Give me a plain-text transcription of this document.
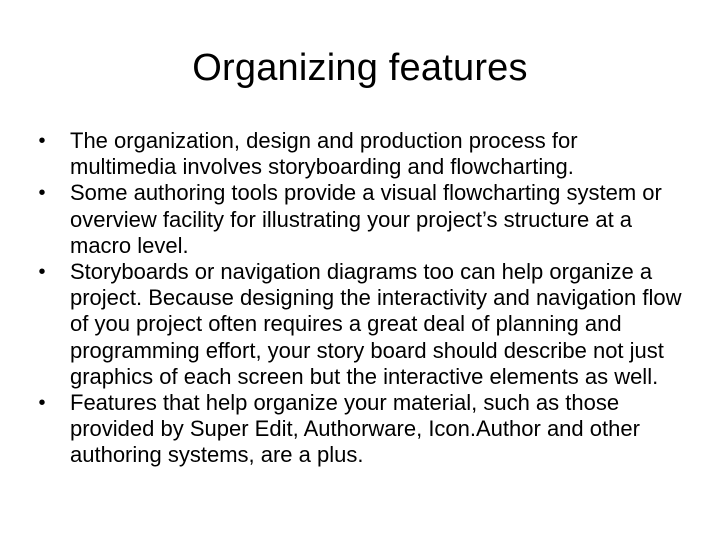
Organizing features
•	The organization, design and production process for multimedia involves storyboarding and flowcharting.
•	Some authoring tools provide a visual flowcharting system or overview facility for illustrating your project’s structure at a macro level.
•	Storyboards or navigation diagrams too can help organize a project. Because designing the interactivity and navigation flow of you project often requires a great deal of planning and programming effort, your story board should describe not just graphics of each screen but the interactive elements as well.
•	Features that help organize your material, such as those provided by Super Edit, Authorware, Icon.Author and other authoring systems, are a plus.
